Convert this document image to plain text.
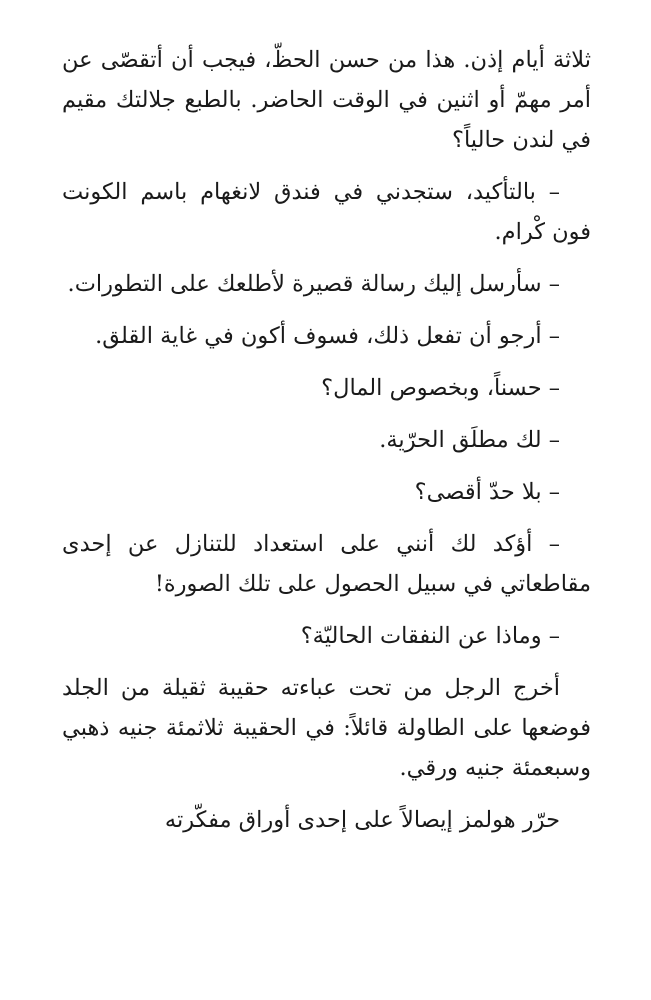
ثلاثة أيام إذن. هذا من حسن الحظّ، فيجب أن أتقصّى عن أمر مهمّ أو اثنين في الوقت الحاضر. بالطبع جلالتك مقيم في لندن حالياً؟

– بالتأكيد، ستجدني في فندق لانغهام باسم الكونت فون كْرام.

– سأرسل إليك رسالة قصيرة لأطلعك على التطورات.

– أرجو أن تفعل ذلك، فسوف أكون في غاية القلق.

– حسناً، وبخصوص المال؟

– لك مطلَق الحرّية.

– بلا حدّ أقصى؟

– أؤكد لك أنني على استعداد للتنازل عن إحدى مقاطعاتي في سبيل الحصول على تلك الصورة!

– وماذا عن النفقات الحاليّة؟

أخرج الرجل من تحت عباءته حقيبة ثقيلة من الجلد فوضعها على الطاولة قائلاً: في الحقيبة ثلاثمئة جنيه ذهبي وسبعمئة جنيه ورقي.

حرّر هولمز إيصالاً على إحدى أوراق مفكّرته
